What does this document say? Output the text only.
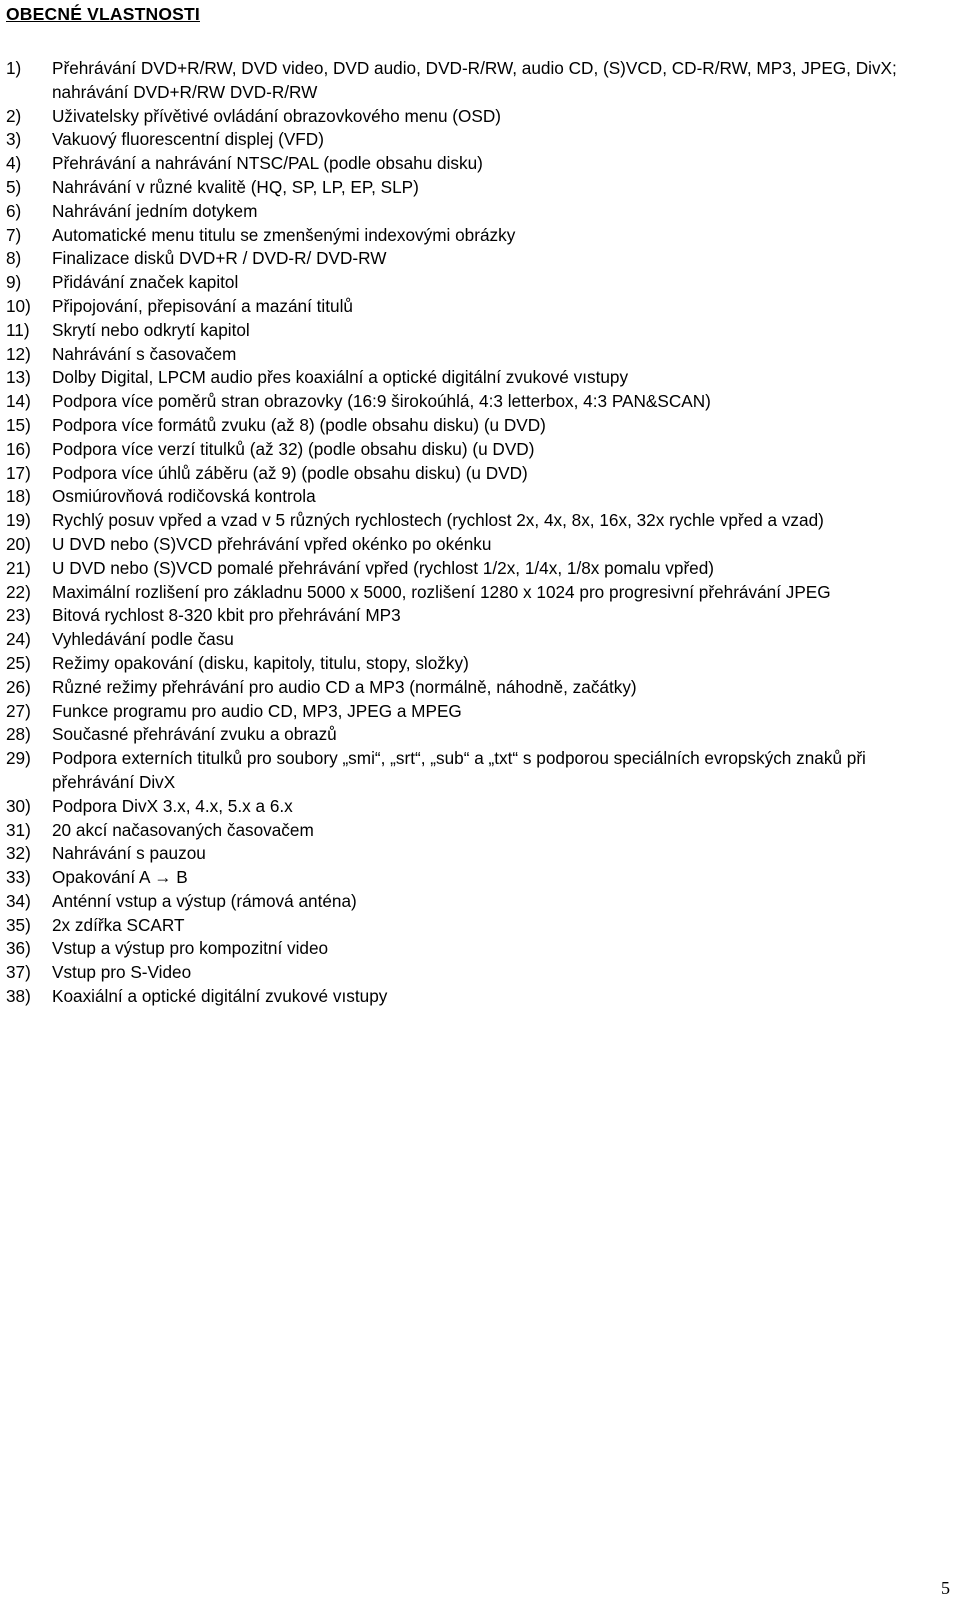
OBECNÉ VLASTNOSTI
1) Přehrávání DVD+R/RW, DVD video, DVD audio, DVD-R/RW, audio CD, (S)VCD, CD-R/RW, MP3, JPEG, DivX; nahrávání DVD+R/RW DVD-R/RW
2) Uživatelsky přívětivé ovládání obrazovkového menu (OSD)
3) Vakuový fluorescentní displej (VFD)
4) Přehrávání a nahrávání NTSC/PAL (podle obsahu disku)
5) Nahrávání v různé kvalitě (HQ, SP, LP, EP, SLP)
6) Nahrávání jedním dotykem
7) Automatické menu titulu se zmenšenými indexovými obrázky
8) Finalizace disků DVD+R / DVD-R/ DVD-RW
9) Přidávání značek kapitol
10) Připojování, přepisování a mazání titulů
11) Skrytí nebo odkrytí kapitol
12) Nahrávání s časovačem
13) Dolby Digital, LPCM audio přes koaxiální a optické digitální zvukové vıstupy
14) Podpora více poměrů stran obrazovky (16:9 širokoúhlá, 4:3 letterbox, 4:3 PAN&SCAN)
15) Podpora více formátů zvuku (až 8) (podle obsahu disku) (u DVD)
16) Podpora více verzí titulků (až 32) (podle obsahu disku) (u DVD)
17) Podpora více úhlů záběru (až 9) (podle obsahu disku) (u DVD)
18) Osmiúrovňová rodičovská kontrola
19) Rychlý posuv vpřed a vzad v 5 různých rychlostech (rychlost 2x, 4x, 8x, 16x, 32x rychle vpřed a vzad)
20) U DVD nebo (S)VCD přehrávání vpřed okénko po okénku
21) U DVD nebo (S)VCD pomalé přehrávání vpřed (rychlost 1/2x, 1/4x, 1/8x pomalu vpřed)
22) Maximální rozlišení pro základnu 5000 x 5000, rozlišení 1280 x 1024 pro progresivní přehrávání JPEG
23) Bitová rychlost 8-320 kbit pro přehrávání MP3
24) Vyhledávání podle času
25) Režimy opakování (disku, kapitoly, titulu, stopy, složky)
26) Různé režimy přehrávání pro audio CD a MP3 (normálně, náhodně, začátky)
27) Funkce programu pro audio CD, MP3, JPEG a MPEG
28) Současné přehrávání zvuku a obrazů
29) Podpora externích titulků pro soubory „smi“, „srt“, „sub“ a „txt“ s podporou speciálních evropských znaků při přehrávání DivX
30) Podpora DivX 3.x, 4.x, 5.x a 6.x
31) 20 akcí načasovaných časovačem
32) Nahrávání s pauzou
33) Opakování A → B
34) Anténní vstup a výstup (rámová anténa)
35) 2x zdířka SCART
36) Vstup a výstup pro kompozitní video
37) Vstup pro S-Video
38) Koaxiální a optické digitální zvukové vıstupy
5
